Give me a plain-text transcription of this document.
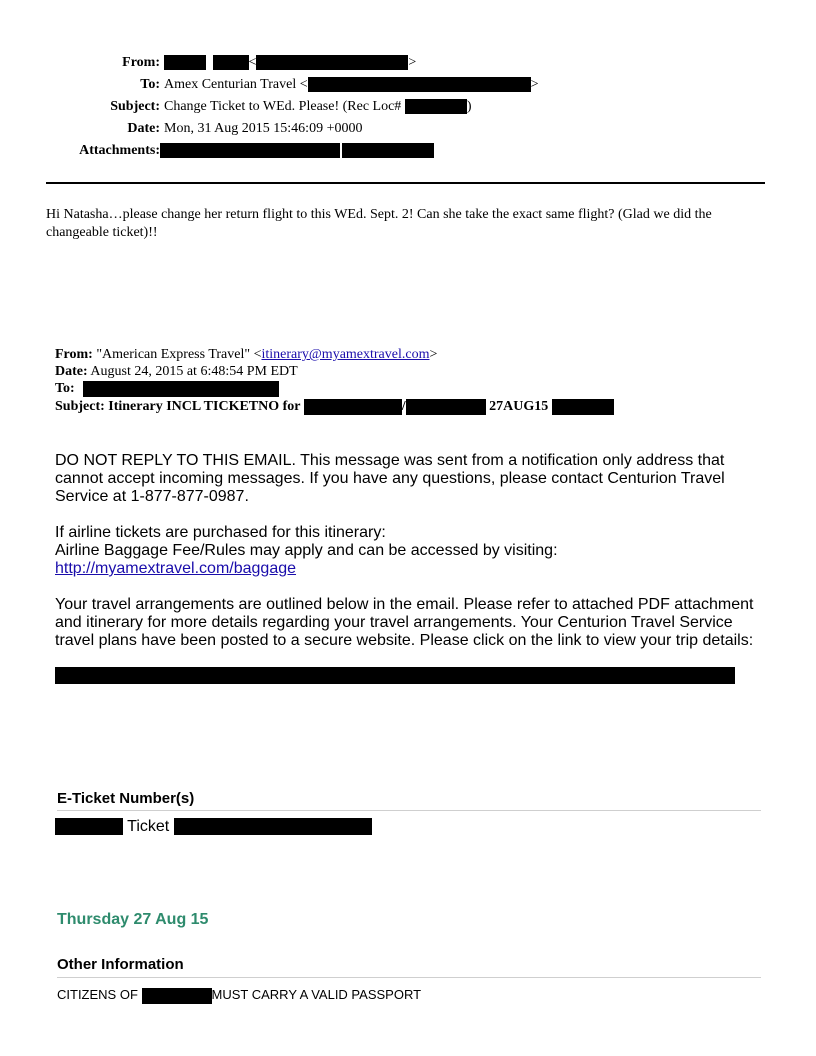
From:	<	>
To: Amex Centurian Travel <	>
Subject: Change Ticket to WEd. Please! (Rec Loc#	)
Date: Mon, 31 Aug 2015 15:46:09 +0000
Attachments:
Hi Natasha…please change her return flight to this WEd. Sept. 2! Can she take the exact same flight? (Glad we did the changeable ticket)!!
From: "American Express Travel" <itinerary@myamextravel.com>
Date: August 24, 2015 at 6:48:54 PM EDT
To:
Subject: Itinerary INCL TICKETNO for	/	27AUG15
DO NOT REPLY TO THIS EMAIL. This message was sent from a notification only address that cannot accept incoming messages. If you have any questions, please contact Centurion Travel Service at 1-877-877-0987.
If airline tickets are purchased for this itinerary:
Airline Baggage Fee/Rules may apply and can be accessed by visiting:
http://myamextravel.com/baggage
Your travel arrangements are outlined below in the email. Please refer to attached PDF attachment and itinerary for more details regarding your travel arrangements. Your Centurion Travel Service travel plans have been posted to a secure website. Please click on the link to view your trip details:
E-Ticket Number(s)
Ticket
Thursday 27 Aug 15
Other Information
CITIZENS OF	MUST CARRY A VALID PASSPORT
